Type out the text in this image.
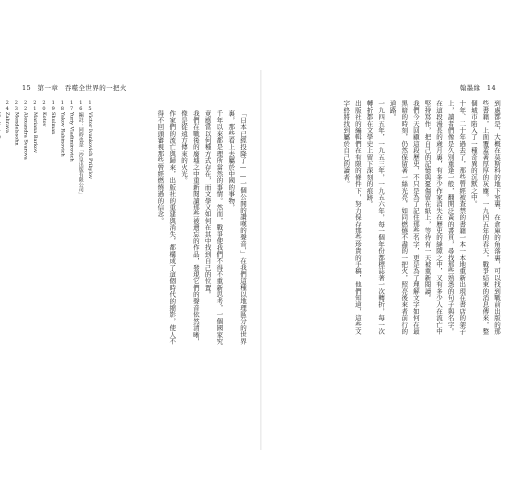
15 第一章 吞噬全世界的一把火

15Victor Ivankovich Pribylov

16編註：同時也是「沙皇出版有限公司」

17Yuriy Vladimirovich

18Yakov Rabinovich

19Shulman

20Kotov

21Mariana Barkov

22Alexandra Svarova

23Mendelssohn

24Zahrava	「日本已經投降了——一個公開的讚嘆的聲音，」在我們這種以地理區分的世界裏，那些看上去屬於中國的事物，

千年以來都是理所當然的事情。然而，戰爭使我們不得不重新思考，一個國家究竟應當以何種方式存在，而文學又如何在其中找到自己的位置。

我們在戰後的廢墟之中重新閱讀那些被遺忘的作品，發現它們的聲音依然清晰，像是從遠方傳來的火光。

作家們的流亡與歸來，出版社的重建與消失，都構成了這個時代的縮影，使人不得不回頭審視那些曾經燃燒過的信念。

翰墨緣 14

到處都是，大概在莫斯科的地下室裏、在倉庫的角落裏，可以找到戰前出版的那些書籍，上面覆蓋著厚厚的灰塵。一九四五年的春天，戰爭結束的消息傳來，整個城市陷入了一種奇異的沉默之中。

十年、二十年過去了，那些曾經被查禁的書籍一本一本地重新出現在書店的架子上，讀者們像是久別重逢一般，翻開泛黃的書頁，尋找那些熟悉的句子與名字。

在這段漫長的歲月裏，有多少作家消失在歷史的縫隙之中，又有多少人在流亡中堅持寫作，把自己的記憶與憂傷留在紙上，等待有一天被重新閱讀。

我們今天回顧這段歷史，不只是為了記住那些名字，更是為了理解文字如何在最黑暗的時刻，仍然保留著一絲光亮，如同燃燒不盡的一把火，照亮後來者前行的道路。

一九四五年，一九五三年，一九五六年，每一個年份都標誌著一次轉折，每一次轉折都在文學史上留下深刻的痕跡。

出版社的編輯們在有限的條件下，努力保存那些珍貴的手稿，他們知道，這些文字終將找到屬於自己的讀者。
